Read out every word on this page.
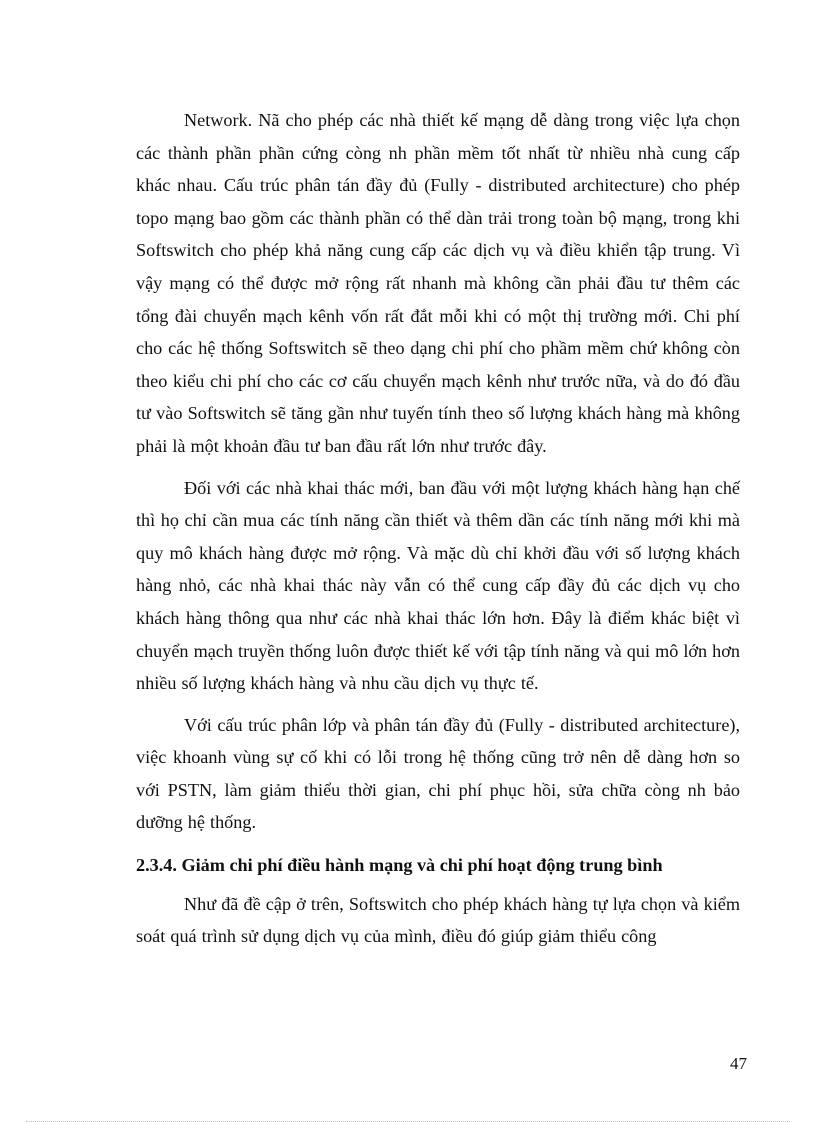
Network. Nã cho phép các nhà thiết kế mạng dễ dàng trong việc lựa chọn các thành phần phần cứng còng nh phần mềm tốt nhất từ nhiều nhà cung cấp khác nhau. Cấu trúc phân tán đầy đủ (Fully - distributed architecture) cho phép topo mạng bao gồm các thành phần có thể dàn trải trong toàn bộ mạng, trong khi Softswitch cho phép khả năng cung cấp các dịch vụ và điều khiển tập trung. Vì vậy mạng có thể được mở rộng rất nhanh mà không cần phải đầu tư thêm các tổng đài chuyển mạch kênh vốn rất đắt mỗi khi có một thị trường mới. Chi phí cho các hệ thống Softswitch sẽ theo dạng chi phí cho phầm mềm chứ không còn theo kiểu chi phí cho các cơ cấu chuyển mạch kênh như trước nữa, và do đó đầu tư vào Softswitch sẽ tăng gần như tuyến tính theo số lượng khách hàng mà không phải là một khoản đầu tư ban đầu rất lớn như trước đây.

Đối với các nhà khai thác mới, ban đầu với một lượng khách hàng hạn chế thì họ chỉ cần mua các tính năng cần thiết và thêm dần các tính năng mới khi mà quy mô khách hàng được mở rộng. Và mặc dù chỉ khởi đầu với số lượng khách hàng nhỏ, các nhà khai thác này vẫn có thể cung cấp đầy đủ các dịch vụ cho khách hàng thông qua như các nhà khai thác lớn hơn. Đây là điểm khác biệt vì chuyển mạch truyền thống luôn được thiết kế với tập tính năng và qui mô lớn hơn nhiều số lượng khách hàng và nhu cầu dịch vụ thực tế.

Với cấu trúc phân lớp và phân tán đầy đủ (Fully - distributed architecture), việc khoanh vùng sự cố khi có lỗi trong hệ thống cũng trở nên dễ dàng hơn so với PSTN, làm giảm thiểu thời gian, chi phí phục hồi, sửa chữa còng nh bảo dưỡng hệ thống.

2.3.4. Giảm chi phí điều hành mạng và chi phí hoạt động trung bình

Như đã đề cập ở trên, Softswitch cho phép khách hàng tự lựa chọn và kiểm soát quá trình sử dụng dịch vụ của mình, điều đó giúp giảm thiểu công

47
